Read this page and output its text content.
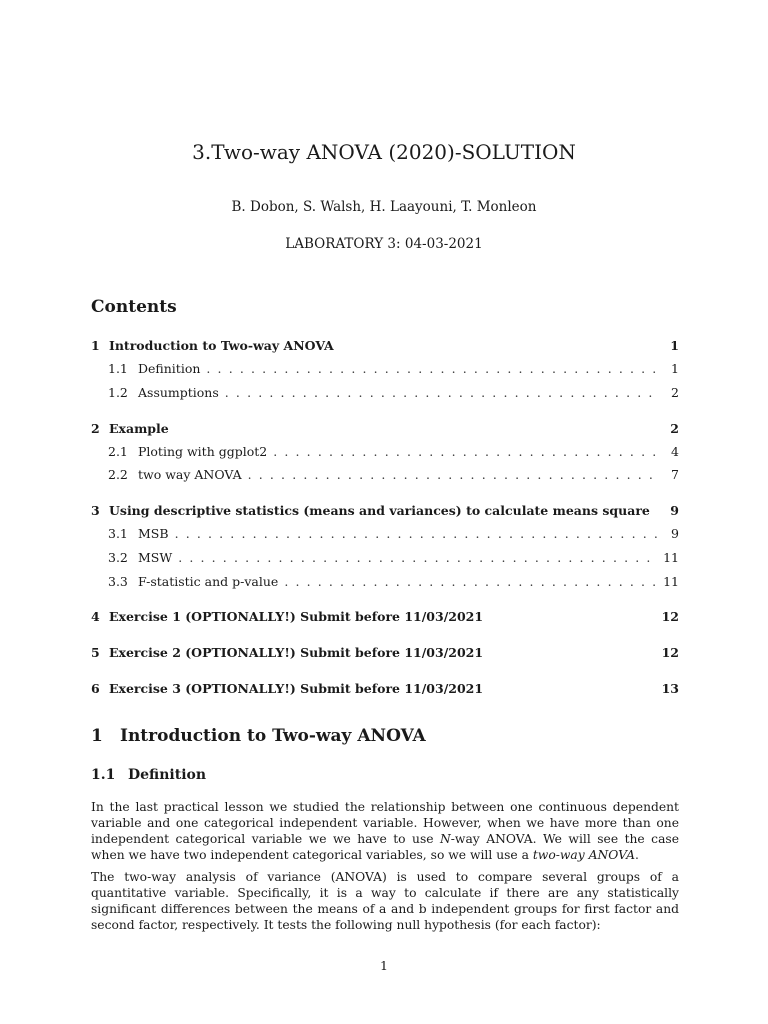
3.Two-way ANOVA (2020)-SOLUTION
B. Dobon, S. Walsh, H. Laayouni, T. Monleon
LABORATORY 3: 04-03-2021
Contents
1 Introduction to Two-way ANOVA	1
1.1 Definition . . .	1
1.2 Assumptions . . .	2
2 Example	2
2.1 Ploting with ggplot2 . . .	4
2.2 two way ANOVA . . .	7
3 Using descriptive statistics (means and variances) to calculate means square	9
3.1 MSB . . .	9
3.2 MSW . . .	11
3.3 F-statistic and p-value . . .	11
4 Exercise 1 (OPTIONALLY!) Submit before 11/03/2021	12
5 Exercise 2 (OPTIONALLY!) Submit before 11/03/2021	12
6 Exercise 3 (OPTIONALLY!) Submit before 11/03/2021	13
1 Introduction to Two-way ANOVA
1.1 Definition
In the last practical lesson we studied the relationship between one continuous dependent variable and one categorical independent variable. However, when we have more than one independent categorical variable we we have to use N-way ANOVA. We will see the case when we have two independent categorical variables, so we will use a two-way ANOVA.
The two-way analysis of variance (ANOVA) is used to compare several groups of a quantitative variable. Specifically, it is a way to calculate if there are any statistically significant differences between the means of a and b independent groups for first factor and second factor, respectively. It tests the following null hypothesis (for each factor):
1
